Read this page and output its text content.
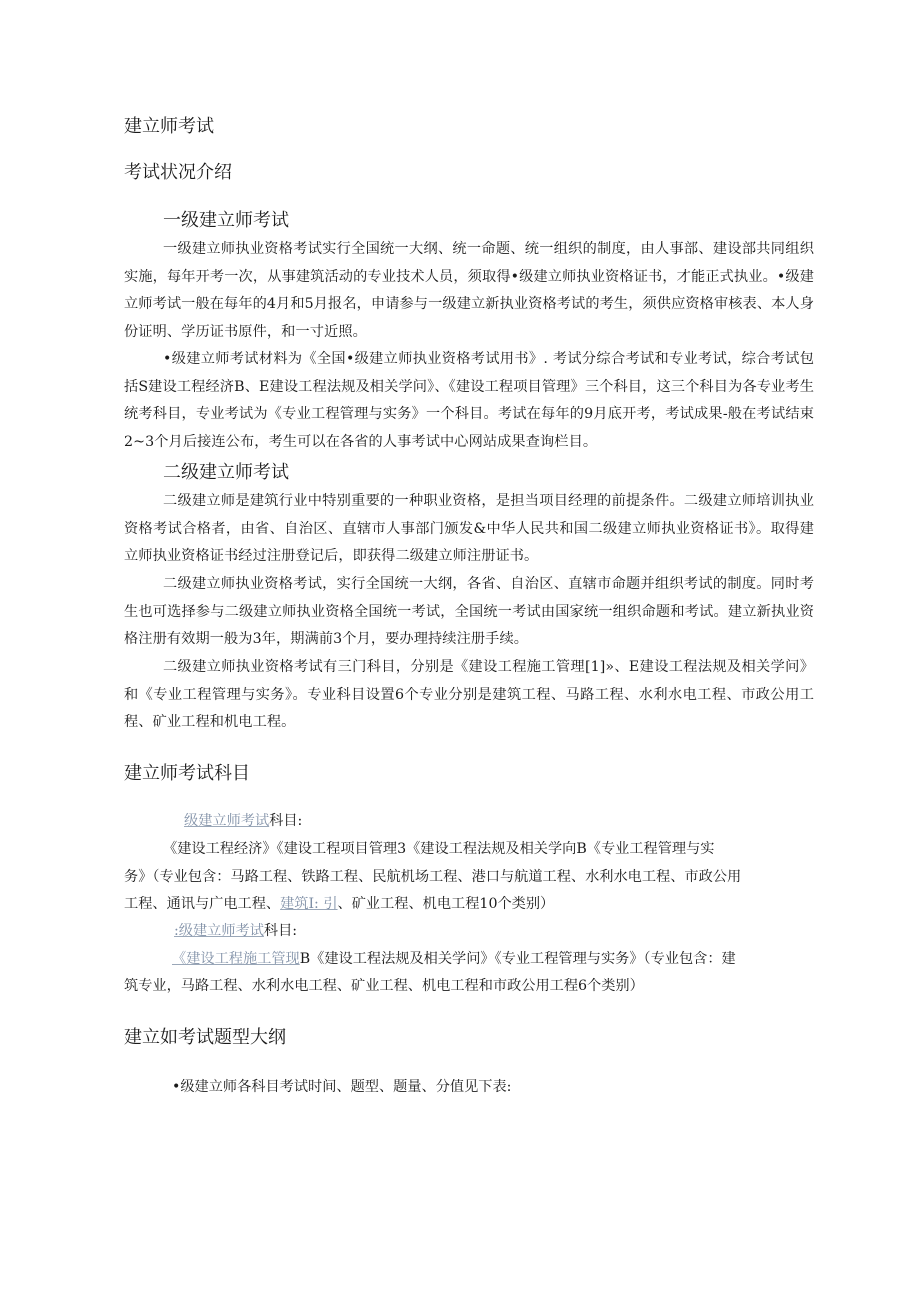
建立师考试
考试状况介绍
一级建立师考试

一级建立师执业资格考试实行全国统一大纲、统一命题、统一组织的制度，由人事部、建设部共同组织实施，每年开考一次，从事建筑活动的专业技术人员，须取得•级建立师执业资格证书，才能正式执业。•级建立师考试一般在每年的4月和5月报名，申请参与一级建立新执业资格考试的考生，须供应资格审核表、本人身份证明、学历证书原件，和一寸近照。

•级建立师考试材料为《全国•级建立师执业资格考试用书》. 考试分综合考试和专业考试，综合考试包括S建设工程经济B、E建设工程法规及相关学问》、《建设工程项目管理》三个科目，这三个科目为各专业考生统考科目，专业考试为《专业工程管理与实务》一个科目。考试在每年的9月底开考，考试成果-般在考试结束2~3个月后接连公布，考生可以在各省的人事考试中心网站成果查询栏目。

二级建立师考试

二级建立师是建筑行业中特别重要的一种职业资格，是担当项目经理的前提条件。二级建立师培训执业资格考试合格者，由省、自治区、直辖市人事部门颁发&中华人民共和国二级建立师执业资格证书》。取得建立师执业资格证书经过注册登记后，即获得二级建立师注册证书。

二级建立师执业资格考试，实行全国统一大纲，各省、自治区、直辖市命题并组织考试的制度。同时考生也可选择参与二级建立师执业资格全国统一考试，全国统一考试由国家统一组织命题和考试。建立新执业资格注册有效期一般为3年，期满前3个月，要办理持续注册手续。

二级建立师执业资格考试有三门科目，分别是《建设工程施工管理[1]»、E建设工程法规及相关学问》和《专业工程管理与实务》。专业科目设置6个专业分别是建筑工程、马路工程、水利水电工程、市政公用工程、矿业工程和机电工程。

建立师考试科目
级建立师考试科目:
《建设工程经济》《建设工程项目管理3《建设工程法规及相关学向B《专业工程管理与实
务》（专业包含：马路工程、铁路工程、民航机场工程、港口与航道工程、水利水电工程、市政公用
工程、通讯与广电工程、建筑I: 引、矿业工程、机电工程10个类别）
:级建立师考试科目:
《建设工程施工管现B《建设工程法规及相关学问》《专业工程管理与实务》（专业包含：建
筑专业，马路工程、水利水电工程、矿业工程、机电工程和市政公用工程6个类别）
建立如考试题型大纲
•级建立师各科目考试时间、题型、题量、分值见下表:
